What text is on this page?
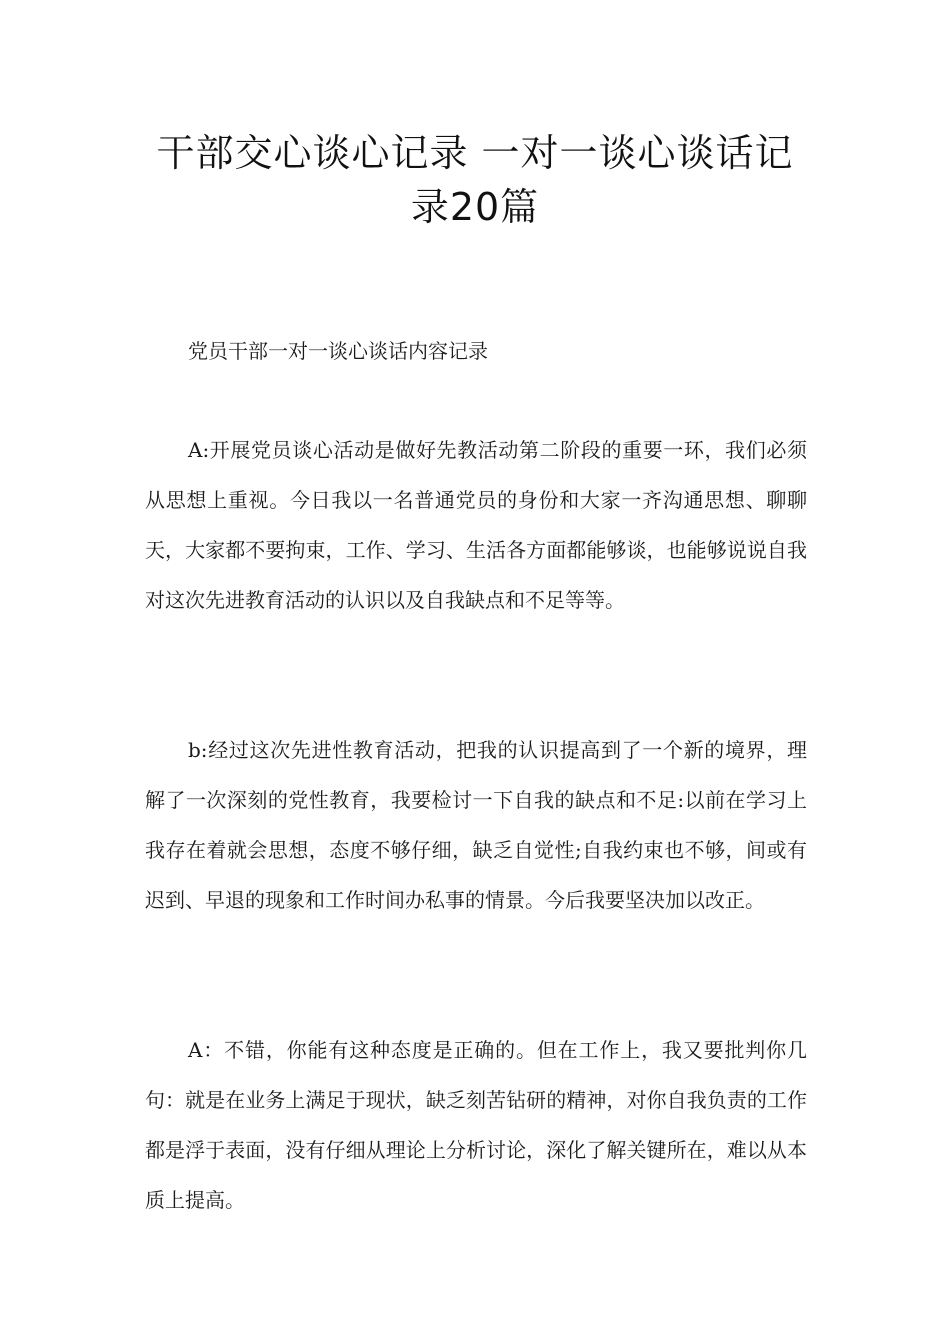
干部交心谈心记录 一对一谈心谈话记录20篇

党员干部一对一谈心谈话内容记录

A:开展党员谈心活动是做好先教活动第二阶段的重要一环，我们必须从思想上重视。今日我以一名普通党员的身份和大家一齐沟通思想、聊聊天，大家都不要拘束，工作、学习、生活各方面都能够谈，也能够说说自我对这次先进教育活动的认识以及自我缺点和不足等等。

b:经过这次先进性教育活动，把我的认识提高到了一个新的境界，理解了一次深刻的党性教育，我要检讨一下自我的缺点和不足:以前在学习上我存在着就会思想，态度不够仔细，缺乏自觉性;自我约束也不够，间或有迟到、早退的现象和工作时间办私事的情景。今后我要坚决加以改正。

A：不错，你能有这种态度是正确的。但在工作上，我又要批判你几句：就是在业务上满足于现状，缺乏刻苦钻研的精神，对你自我负责的工作都是浮于表面，没有仔细从理论上分析讨论，深化了解关键所在，难以从本质上提高。
